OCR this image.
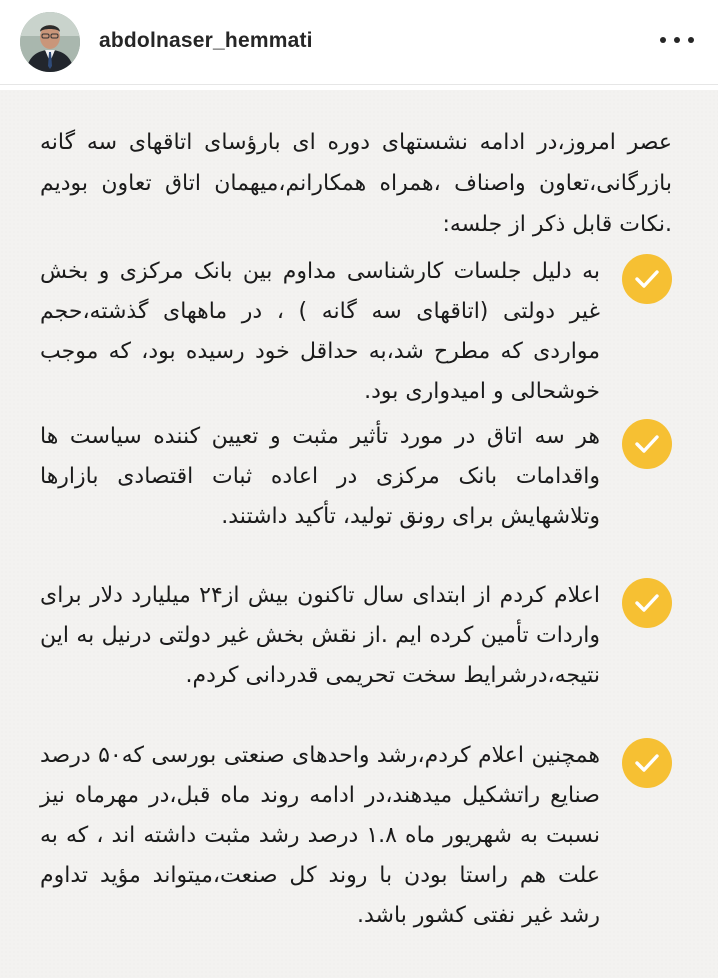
abdolnaser_hemmati
عصر امروز،در ادامه نشستهای دوره ای بارؤسای اتاقهای سه گانه بازرگانی،تعاون واصناف ،همراه همکارانم،میهمان اتاق تعاون بودیم .نکات قابل ذکر از جلسه:
به دلیل جلسات کارشناسی مداوم بین بانک مرکزی و بخش غیر دولتی (اتاقهای سه گانه ) ، در ماههای گذشته،حجم مواردی که مطرح شد،به حداقل خود رسیده بود، که موجب خوشحالی و امیدواری بود.
هر سه اتاق در مورد تأثیر مثبت و تعیین کننده سیاست ها واقدامات بانک مرکزی در اعاده ثبات اقتصادی بازارها وتلاشهایش برای رونق تولید، تأکید داشتند.
اعلام کردم از ابتدای سال تاکنون بیش از۲۴ میلیارد دلار برای واردات تأمین کرده ایم .از نقش بخش غیر دولتی درنیل به این نتیجه،درشرایط سخت تحریمی قدردانی کردم.
همچنین اعلام کردم،رشد واحدهای صنعتی بورسی که۵۰ درصد صنایع راتشکیل میدهند،در ادامه روند ماه قبل،در مهرماه نیز نسبت به شهریور ماه ۱.۸ درصد رشد مثبت داشته اند ، که به علت هم راستا بودن با روند کل صنعت،میتواند مؤید تداوم رشد غیر نفتی کشور باشد.
